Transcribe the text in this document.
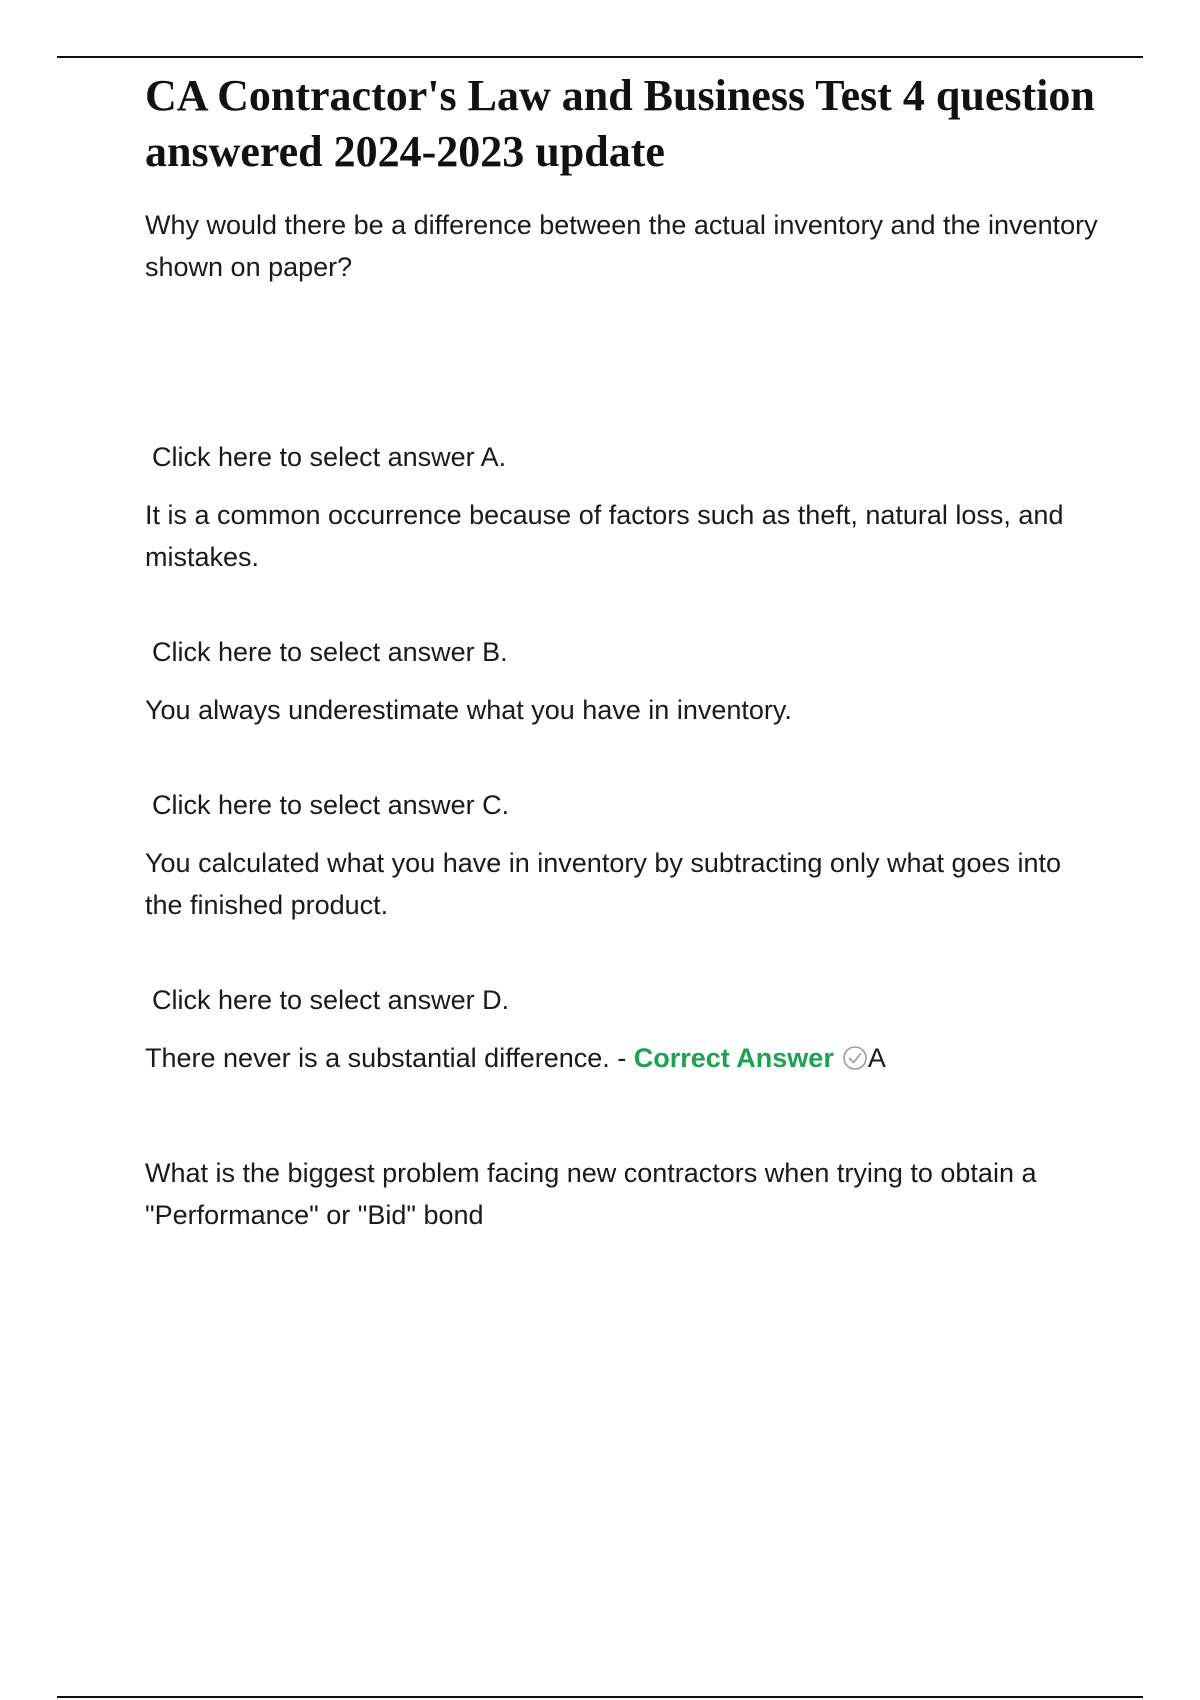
CA Contractor's Law and Business Test 4 question answered 2024-2023 update

Why would there be a difference between the actual inventory and the inventory shown on paper?

Click here to select answer A.

It is a common occurrence because of factors such as theft, natural loss, and mistakes.

Click here to select answer B.

You always underestimate what you have in inventory.

Click here to select answer C.

You calculated what you have in inventory by subtracting only what goes into the finished product.

Click here to select answer D.

There never is a substantial difference. - Correct Answer A

What is the biggest problem facing new contractors when trying to obtain a "Performance" or "Bid" bond
